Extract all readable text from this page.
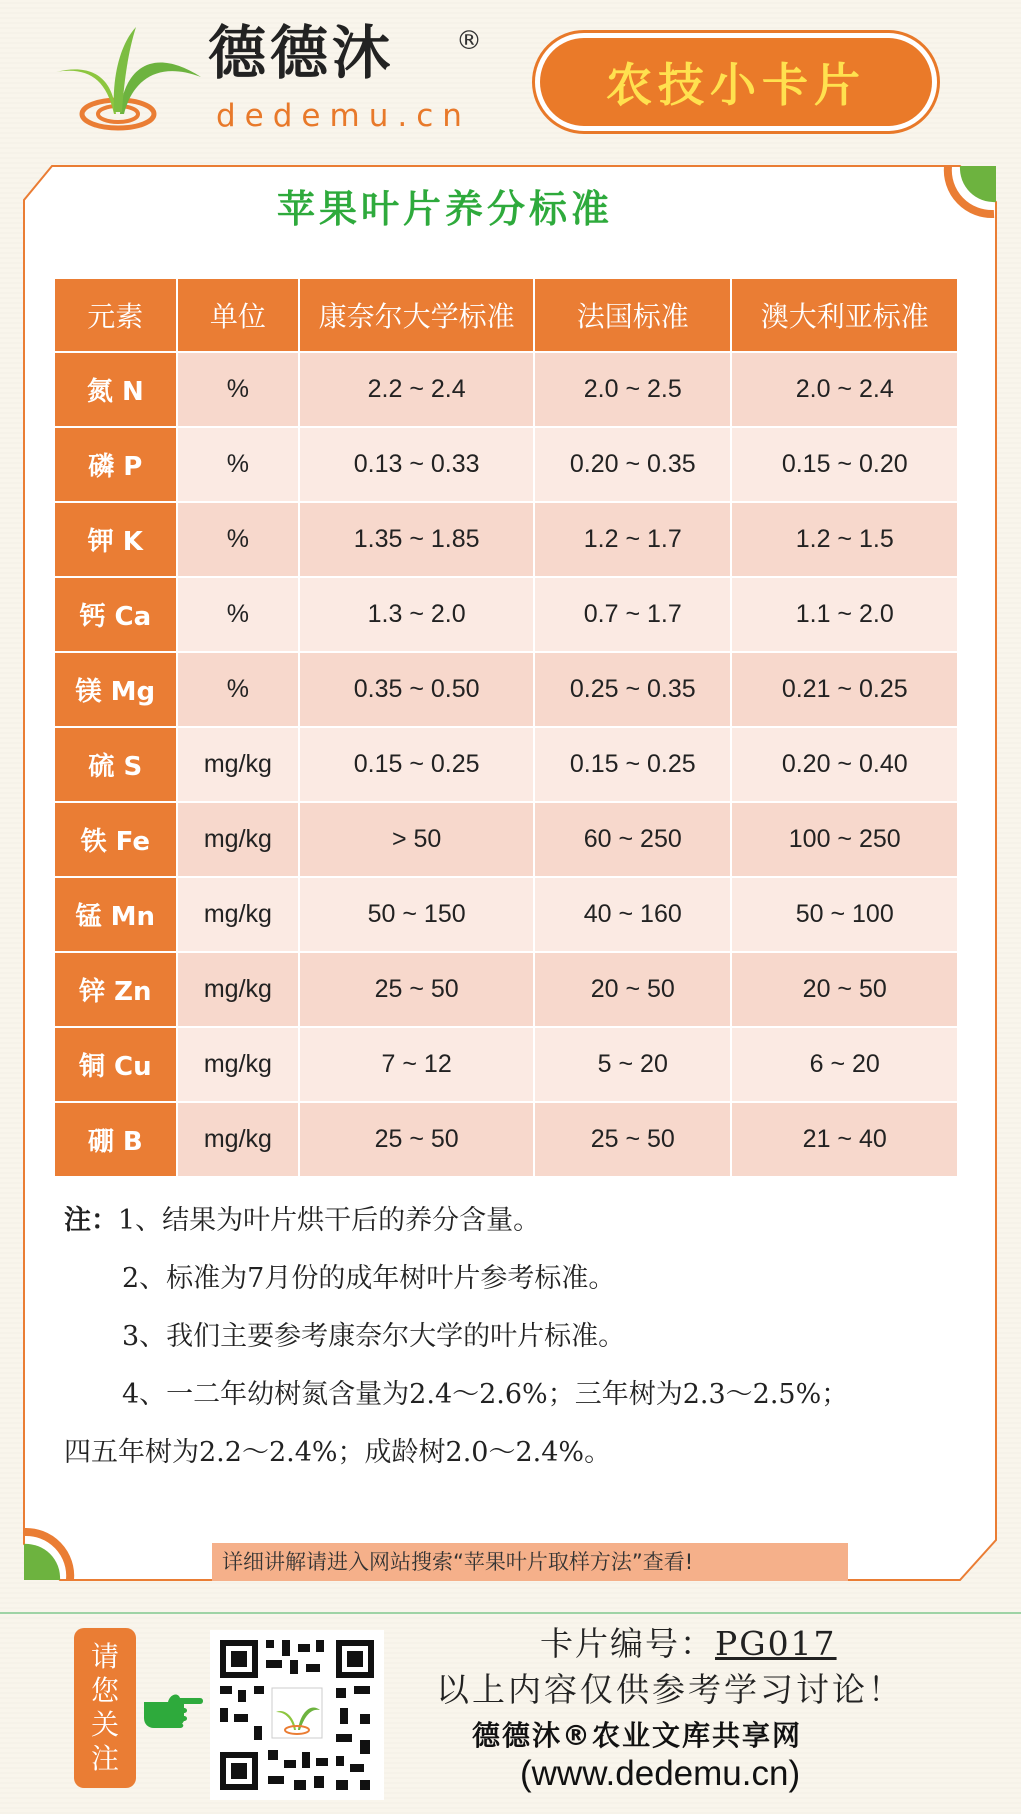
德德沐 ®
dedemu.cn
农技小卡片
苹果叶片养分标准
元素	单位	康奈尔大学标准	法国标准	澳大利亚标准
氮 N	%	2.2 ~ 2.4	2.0 ~ 2.5	2.0 ~ 2.4
磷 P	%	0.13 ~ 0.33	0.20 ~ 0.35	0.15 ~ 0.20
钾 K	%	1.35 ~ 1.85	1.2 ~ 1.7	1.2 ~ 1.5
钙 Ca	%	1.3 ~ 2.0	0.7 ~ 1.7	1.1 ~ 2.0
镁 Mg	%	0.35 ~ 0.50	0.25 ~ 0.35	0.21 ~ 0.25
硫 S	mg/kg	0.15 ~ 0.25	0.15 ~ 0.25	0.20 ~ 0.40
铁 Fe	mg/kg	> 50	60 ~ 250	100 ~ 250
锰 Mn	mg/kg	50 ~ 150	40 ~ 160	50 ~ 100
锌 Zn	mg/kg	25 ~ 50	20 ~ 50	20 ~ 50
铜 Cu	mg/kg	7 ~ 12	5 ~ 20	6 ~ 20
硼 B	mg/kg	25 ~ 50	25 ~ 50	21 ~ 40
注：1、结果为叶片烘干后的养分含量。
2、标准为7月份的成年树叶片参考标准。
3、我们主要参考康奈尔大学的叶片标准。
4、一二年幼树氮含量为2.4～2.6%；三年树为2.3～2.5%；
四五年树为2.2～2.4%；成龄树2.0～2.4%。
详细讲解请进入网站搜索“苹果叶片取样方法”查看!
请
您
关
注
卡片编号：PG017
以上内容仅供参考学习讨论！
德德沐®农业文库共享网
(www.dedemu.cn)
